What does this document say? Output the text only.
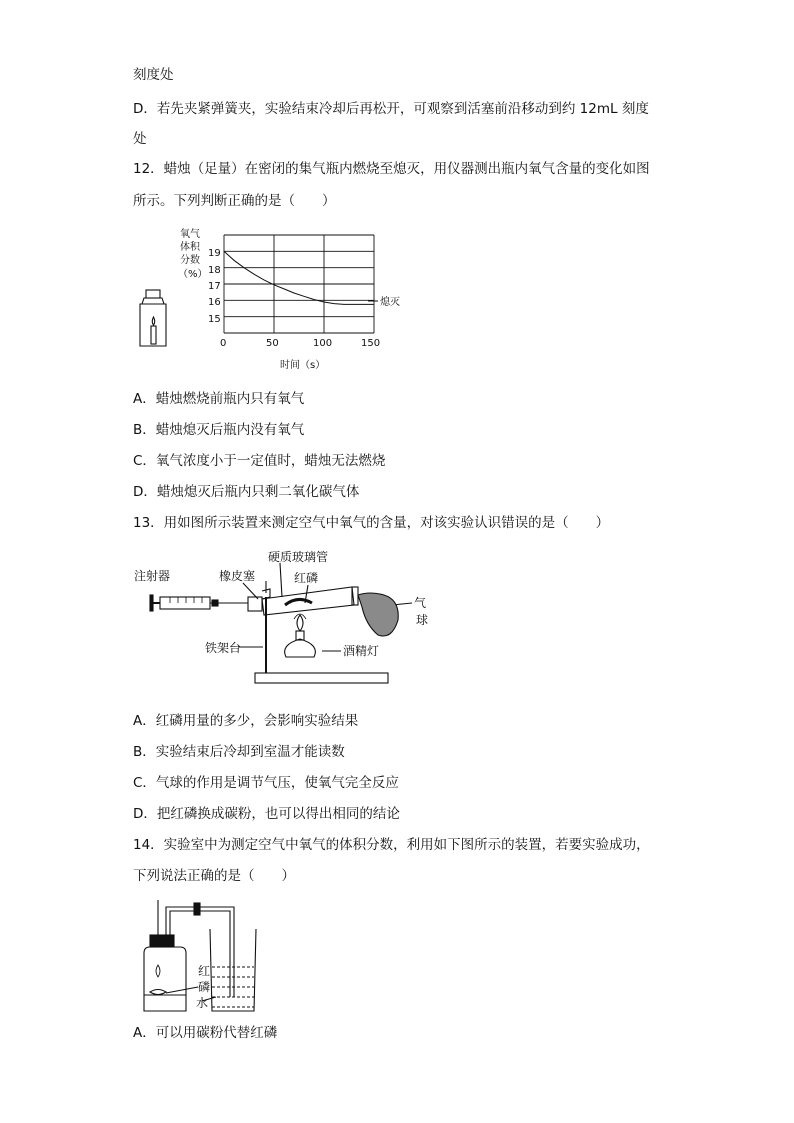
刻度处
D．若先夹紧弹簧夹，实验结束冷却后再松开，可观察到活塞前沿移动到约 12mL 刻度
处
12．蜡烛（足量）在密闭的集气瓶内燃烧至熄灭，用仪器测出瓶内氧气含量的变化如图
所示。下列判断正确的是（　　）
氧气
体积
分数
（%）
19
18
17
16
15
0	50	100	150
时间（s）
熄灭
A．蜡烛燃烧前瓶内只有氧气
B．蜡烛熄灭后瓶内没有氧气
C．氧气浓度小于一定值时，蜡烛无法燃烧
D．蜡烛熄灭后瓶内只剩二氧化碳气体
13．用如图所示装置来测定空气中氧气的含量，对该实验认识错误的是（　　）
注射器	橡皮塞
硬质玻璃管
红磷
气
球
铁架台	酒精灯
A．红磷用量的多少，会影响实验结果
B．实验结束后冷却到室温才能读数
C．气球的作用是调节气压，使氧气完全反应
D．把红磷换成碳粉，也可以得出相同的结论
14．实验室中为测定空气中氧气的体积分数，利用如下图所示的装置，若要实验成功，
下列说法正确的是（　　）
红
磷
水
A．可以用碳粉代替红磷
